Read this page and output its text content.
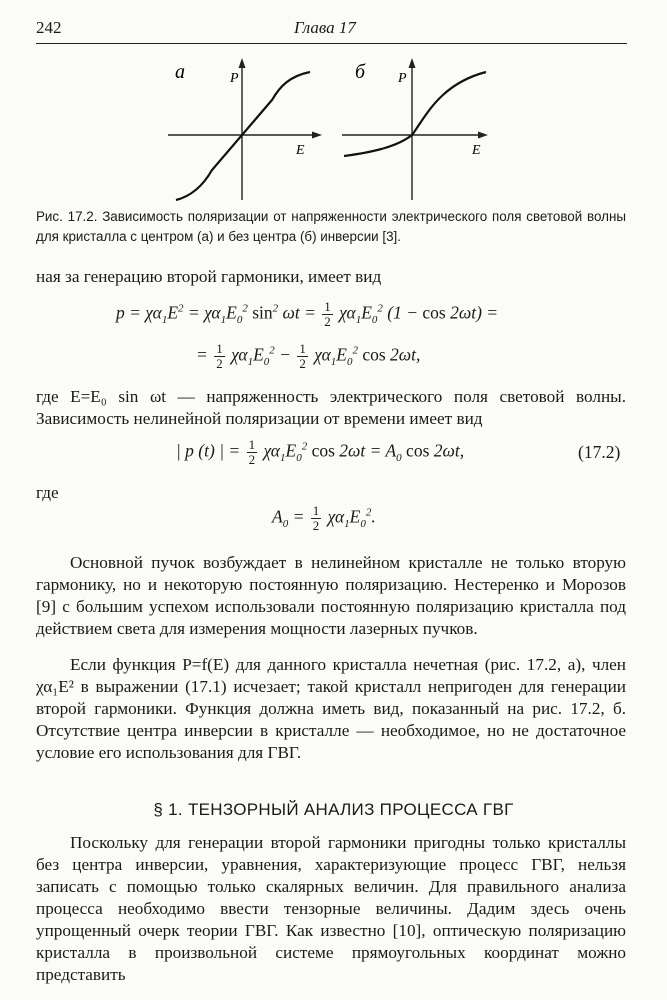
242	Глава 17
а	P
E
б P
E
Рис. 17.2. Зависимость поляризации от напряженности электрического поля световой волны для кристалла с центром (а) и без центра (б) инверсии [3].
ная за генерацию второй гармоники, имеет вид
$p = \chi\alpha_1E^2 = \chi\alpha_1E_0^2$ $\sin^2 \omega t = \frac{1}{2} \chi\alpha_1E_0^2$ (1 − cos 2ωt) =
= $\frac{1}{2} \chi\alpha_1E_0^2 - \frac{1}{2} \chi\alpha_1E_0^2$ cos 2ωt,
где E=E₀ sin ωt — напряженность электрического поля световой волны. Зависимость нелинейной поляризации от времени имеет вид
| p (t) | = $\frac{1}{2} \chi\alpha_1E_0^2$ $\cos 2\omega t = A_0$ cos 2ωt,	(17.2)
где
$A_0 = \frac{1}{2} \chi\alpha_1E_0^2$.
Основной пучок возбуждает в нелинейном кристалле не только вторую гармонику, но и некоторую постоянную поляризацию. Нестеренко и Морозов [9] с большим успехом использовали постоянную поляризацию кристалла под действием света для измерения мощности лазерных пучков.
Если функция P=f(E) для данного кристалла нечетная (рис. 17.2, а), член χα₁E² в выражении (17.1) исчезает; такой кристалл непригоден для генерации второй гармоники. Функция должна иметь вид, показанный на рис. 17.2, б. Отсутствие центра инверсии в кристалле — необходимое, но не достаточное условие его использования для ГВГ.
§ 1. ТЕНЗОРНЫЙ АНАЛИЗ ПРОЦЕССА ГВГ
Поскольку для генерации второй гармоники пригодны только кристаллы без центра инверсии, уравнения, характеризующие процесс ГВГ, нельзя записать с помощью только скалярных величин. Для правильного анализа процесса необходимо ввести тензорные величины. Дадим здесь очень упрощенный очерк теории ГВГ. Как известно [10], оптическую поляризацию кристалла в произвольной системе прямоугольных координат можно представить
